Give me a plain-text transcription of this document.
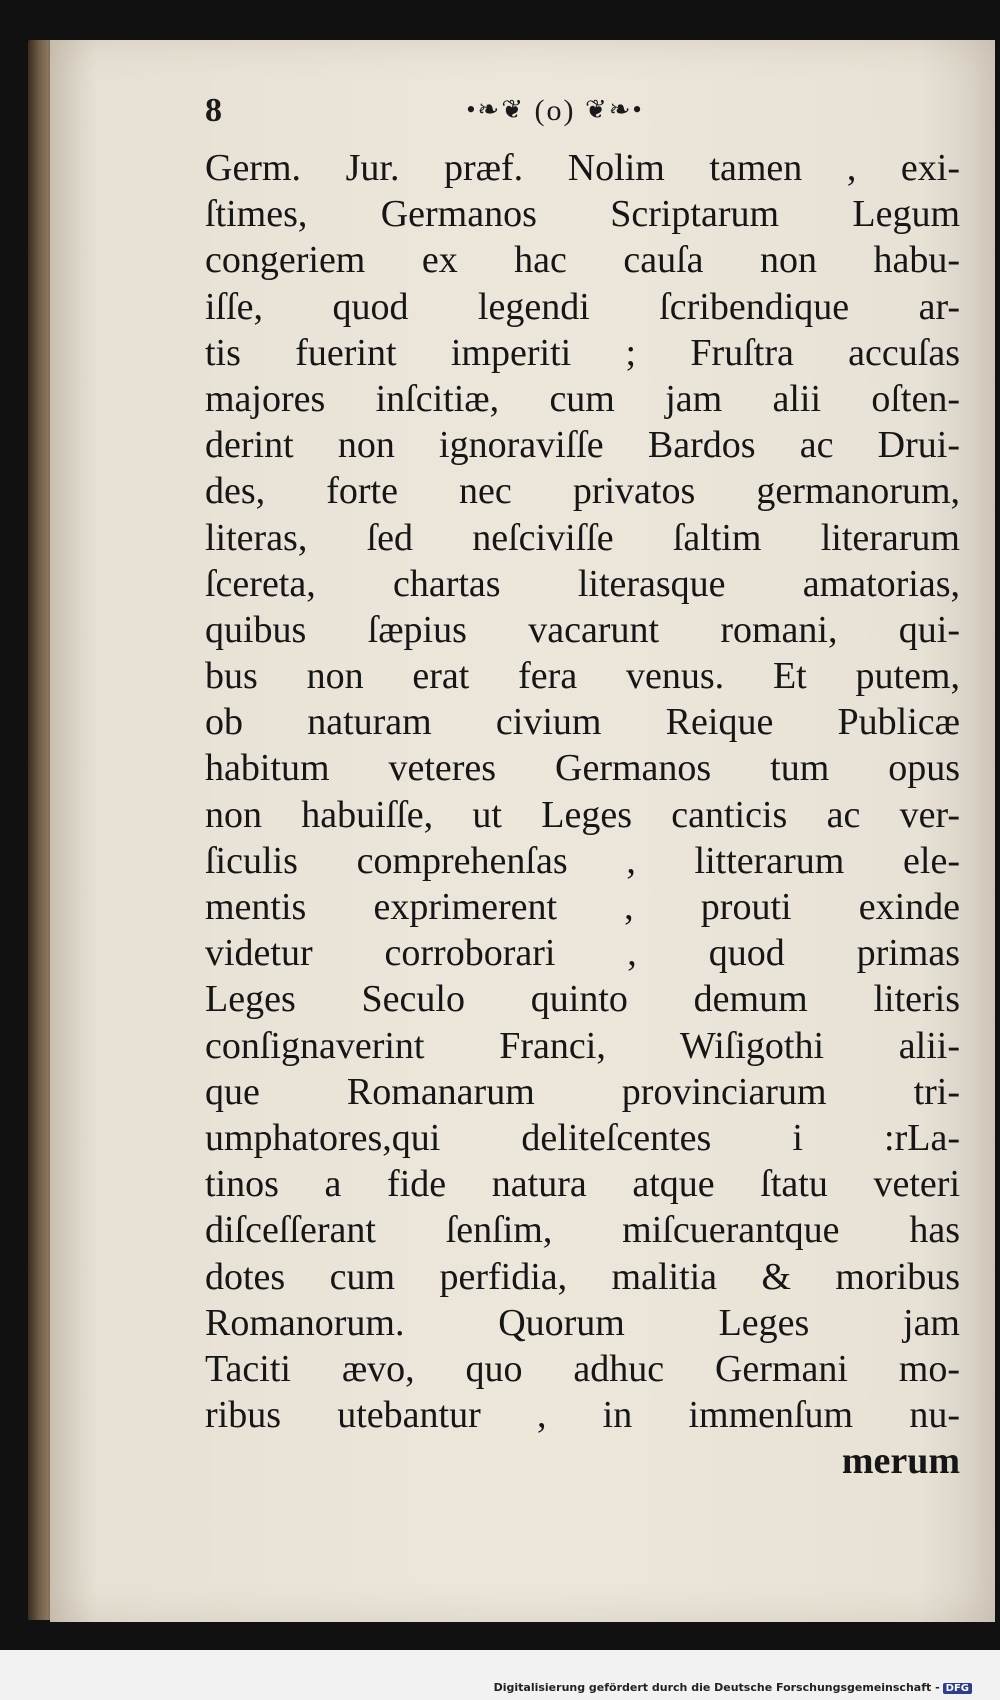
8	•❧❦ (o) ❦❧•
Germ. Jur. præf. Nolim tamen , exi-
ſtimes, Germanos Scriptarum Legum
congeriem ex hac cauſa non habu-
iſſe, quod legendi ſcribendique ar-
tis fuerint imperiti ; Fruſtra accuſas
majores inſcitiæ, cum jam alii oſten-
derint non ignoraviſſe Bardos ac Drui-
des, forte nec privatos germanorum,
literas, ſed neſciviſſe ſaltim literarum
ſcereta, chartas literasque amatorias,
quibus ſæpius vacarunt romani, qui-
bus non erat fera venus. Et putem,
ob naturam civium Reique Publicæ
habitum veteres Germanos tum opus
non habuiſſe, ut Leges canticis ac ver-
ſiculis comprehenſas , litterarum ele-
mentis exprimerent , prouti exinde
videtur corroborari , quod primas
Leges Seculo quinto demum literis
conſignaverint Franci, Wiſigothi alii-
que Romanarum provinciarum tri-
umphatores,qui deliteſcentes i :rLa-
tinos a fide natura atque ſtatu veteri
diſceſſerant ſenſim, miſcuerantque has
dotes cum perfidia, malitia & moribus
Romanorum. Quorum Leges jam
Taciti ævo, quo adhuc Germani mo-
ribus utebantur , in immenſum nu-
merum
Digitalisierung gefördert durch die Deutsche Forschungsgemeinschaft - DFG
